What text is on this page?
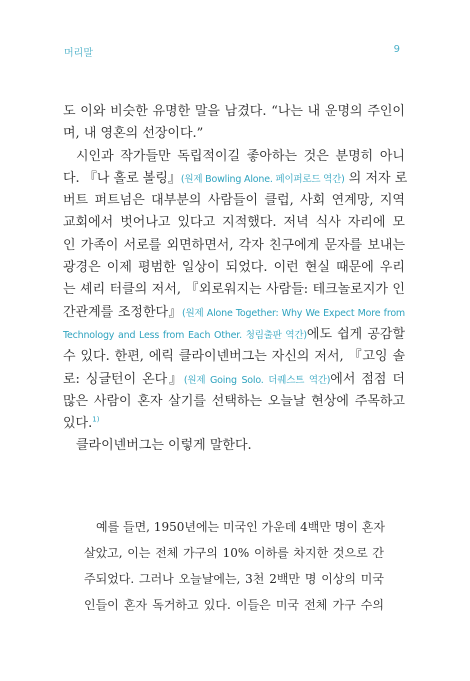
머리말	9
도 이와 비슷한 유명한 말을 남겼다. “나는 내 운명의 주인이
며, 내 영혼의 선장이다.”
시인과 작가들만 독립적이길 좋아하는 것은 분명히 아니
다. 『나 홀로 볼링』(원제 Bowling Alone. 페이퍼로드 역간) 의 저자 로
버트 퍼트넘은 대부분의 사람들이 클럽, 사회 연계망, 지역
교회에서 벗어나고 있다고 지적했다. 저녁 식사 자리에 모
인 가족이 서로를 외면하면서, 각자 친구에게 문자를 보내는
광경은 이제 평범한 일상이 되었다. 이런 현실 때문에 우리
는 셰리 터클의 저서, 『외로워지는 사람들: 테크놀로지가 인
간관계를 조정한다』(원제 Alone Together: Why We Expect More from
Technology and Less from Each Other. 청림출판 역간)에도 쉽게 공감할
수 있다. 한편, 에릭 클라이넨버그는 자신의 저서, 『고잉 솔
로: 싱글턴이 온다』(원제 Going Solo. 더퀘스트 역간)에서 점점 더
많은 사람이 혼자 살기를 선택하는 오늘날 현상에 주목하고
있다.$^{1)}$
클라이넨버그는 이렇게 말한다.
예를 들면, 1950년에는 미국인 가운데 4백만 명이 혼자
살았고, 이는 전체 가구의 10% 이하를 차지한 것으로 간
주되었다. 그러나 오늘날에는, 3천 2백만 명 이상의 미국
인들이 혼자 독거하고 있다. 이들은 미국 전체 가구 수의
